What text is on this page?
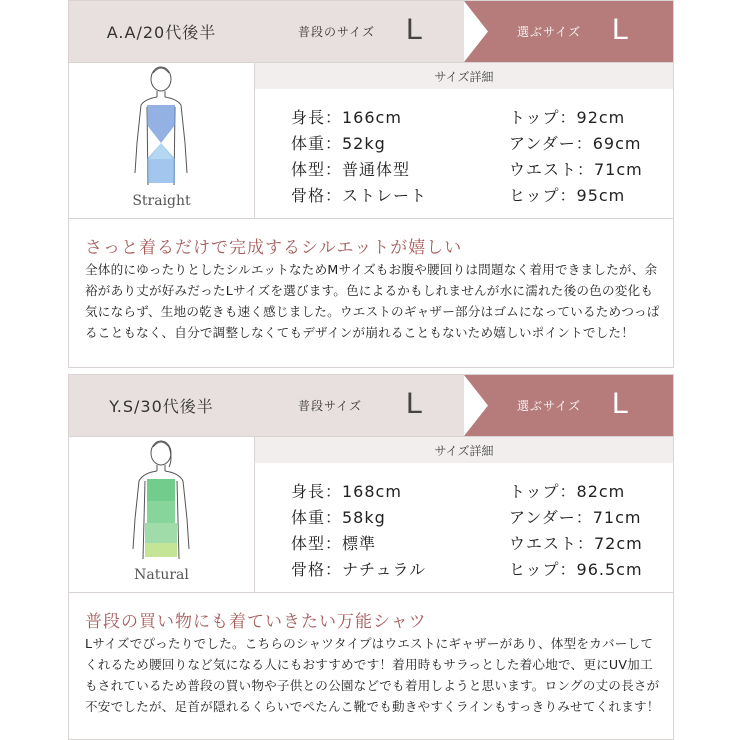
A.A/20代後半	普段のサイズ L	選ぶサイズ L
Straight
サイズ詳細
身長：166cm
体重：52kg
体型：普通体型
骨格：ストレート
トップ：92cm
アンダー：69cm
ウエスト：71cm
ヒップ：95cm
さっと着るだけで完成するシルエットが嬉しい
全体的にゆったりとしたシルエットなためMサイズもお腹や腰回りは問題なく着用できましたが、余裕があり丈が好みだったLサイズを選びます。色によるかもしれませんが水に濡れた後の色の変化も気にならず、生地の乾きも速く感じました。ウエストのギャザー部分はゴムになっているためつっぱることもなく、自分で調整しなくてもデザインが崩れることもないため嬉しいポイントでした！
Y.S/30代後半	普段サイズ L	選ぶサイズ L
Natural
サイズ詳細
身長：168cm
体重：58kg
体型：標準
骨格：ナチュラル
トップ：82cm
アンダー：71cm
ウエスト：72cm
ヒップ：96.5cm
普段の買い物にも着ていきたい万能シャツ
Lサイズでぴったりでした。こちらのシャツタイプはウエストにギャザーがあり、体型をカバーしてくれるため腰回りなど気になる人にもおすすめです！着用時もサラっとした着心地で、更にUV加工もされているため普段の買い物や子供との公園などでも着用しようと思います。ロングの丈の長さが不安でしたが、足首が隠れるくらいでぺたんこ靴でも動きやすくラインもすっきりみせてくれます！
